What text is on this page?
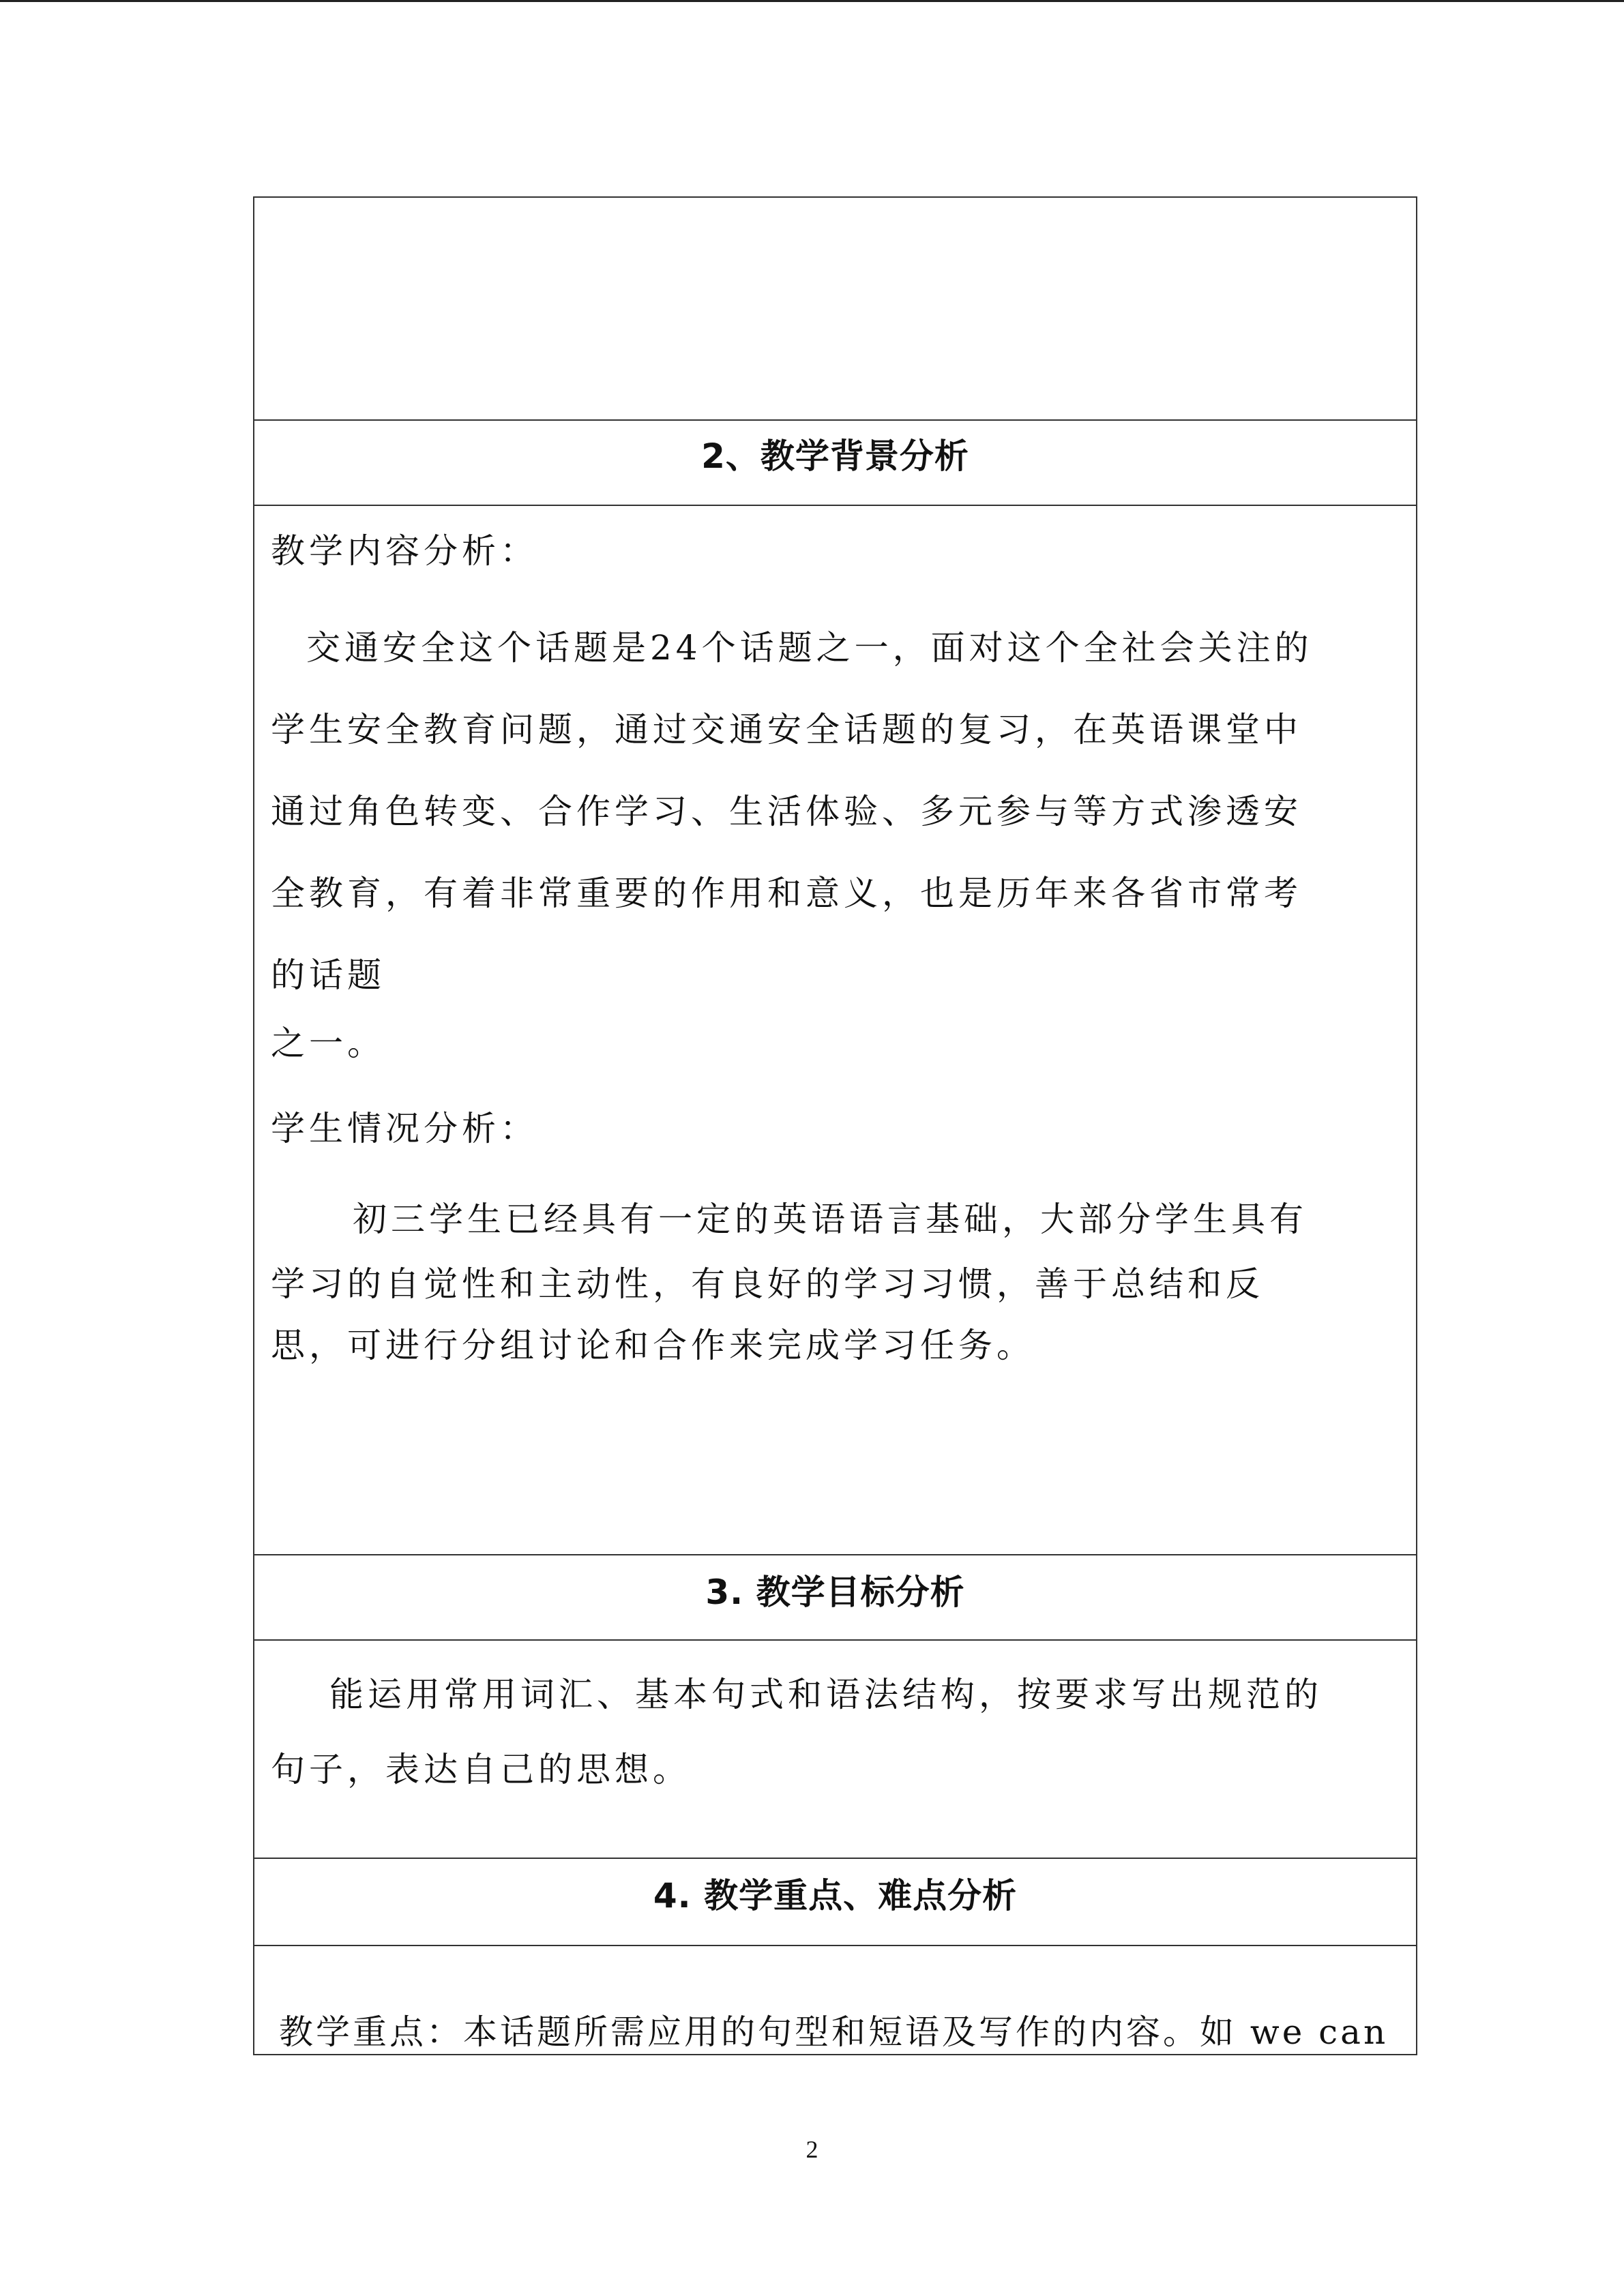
2、教学背景分析
教学内容分析：
交通安全这个话题是24个话题之一，面对这个全社会关注的
学生安全教育问题，通过交通安全话题的复习，在英语课堂中
通过角色转变、合作学习、生活体验、多元参与等方式渗透安
全教育，有着非常重要的作用和意义，也是历年来各省市常考
的话题
之一。
学生情况分析：
初三学生已经具有一定的英语语言基础，大部分学生具有
学习的自觉性和主动性，有良好的学习习惯，善于总结和反
思，可进行分组讨论和合作来完成学习任务。
3. 教学目标分析
能运用常用词汇、基本句式和语法结构，按要求写出规范的
句子，表达自己的思想。
4. 教学重点、难点分析
教学重点：本话题所需应用的句型和短语及写作的内容。如 we can
2
